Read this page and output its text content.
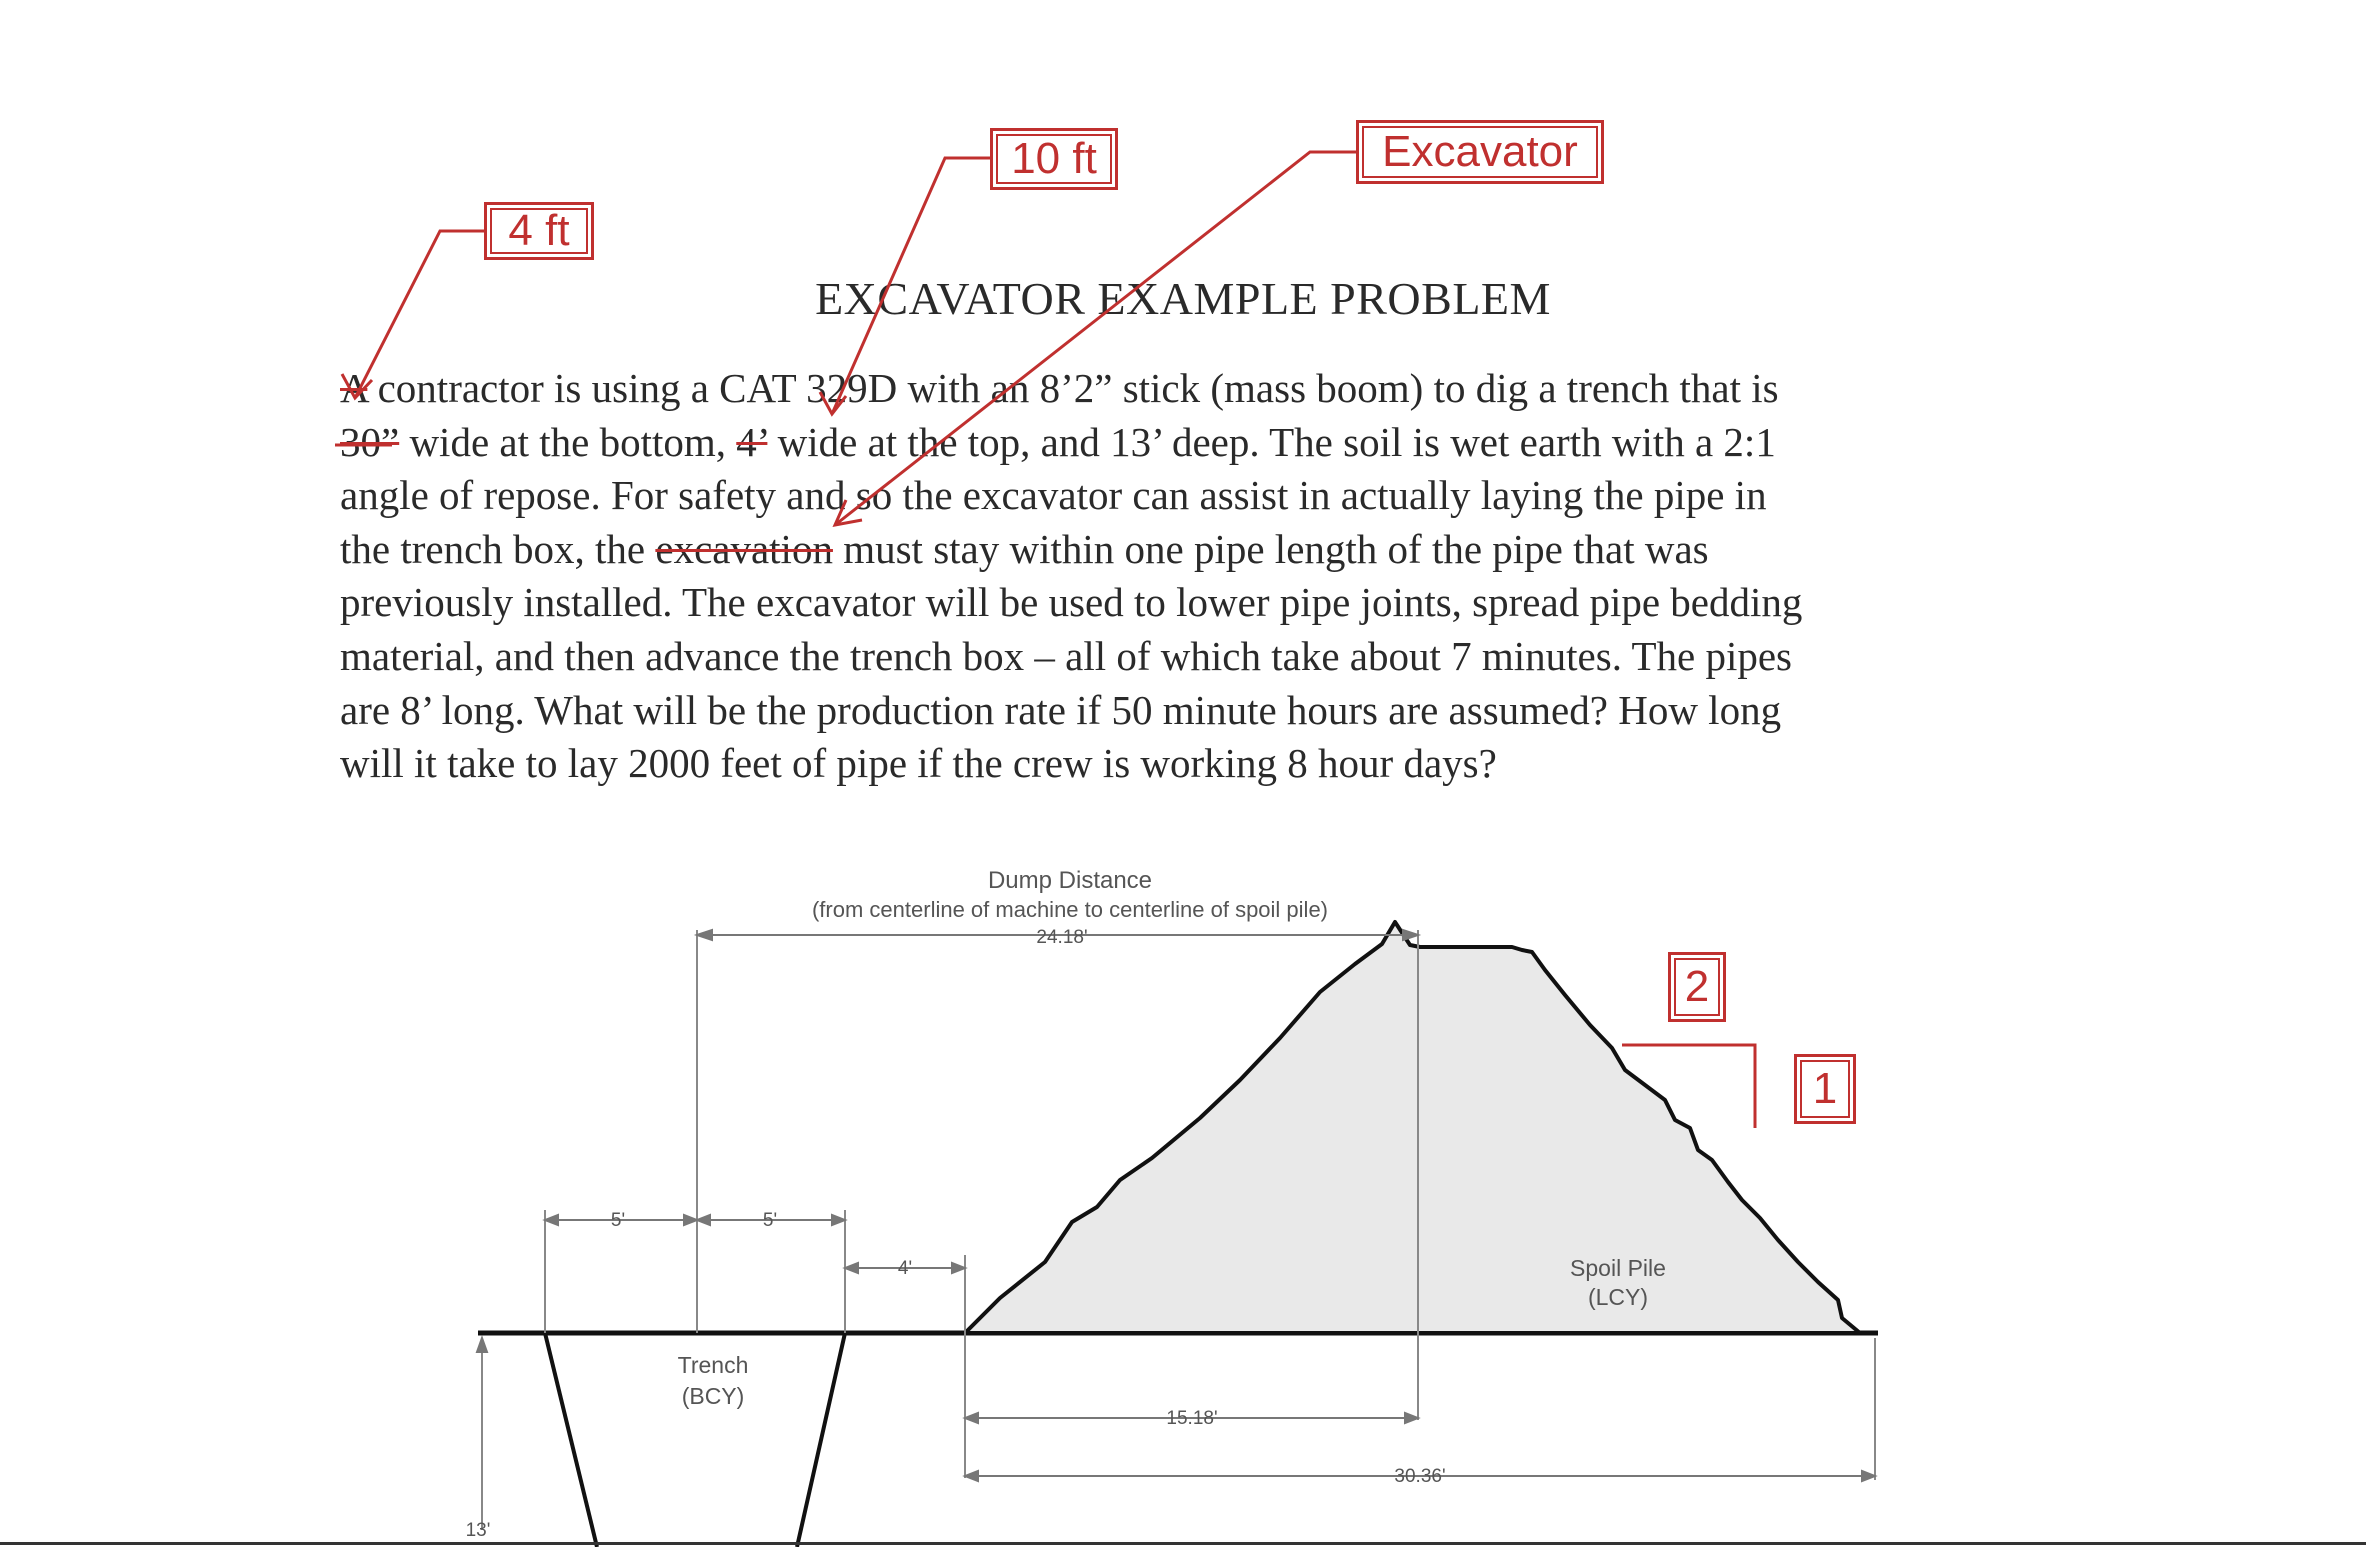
EXCAVATOR EXAMPLE PROBLEM
A contractor is using a CAT 329D with an 8’2” stick (mass boom) to dig a trench that is
30” wide at the bottom, 4’ wide at the top, and 13’ deep. The soil is wet earth with a 2:1
angle of repose. For safety and so the excavator can assist in actually laying the pipe in
the trench box, the excavation must stay within one pipe length of the pipe that was
previously installed. The excavator will be used to lower pipe joints, spread pipe bedding
material, and then advance the trench box – all of which take about 7 minutes. The pipes
are 8’ long. What will be the production rate if 50 minute hours are assumed? How long
will it take to lay 2000 feet of pipe if the crew is working 8 hour days?
Dump Distance
(from centerline of machine to centerline of spoil pile)
24.18'
5'	5'
4'
Trench
(BCY)
Spoil Pile
(LCY)
15.18'
30.36'
13'
4 ft
10 ft	Excavator
2
1
